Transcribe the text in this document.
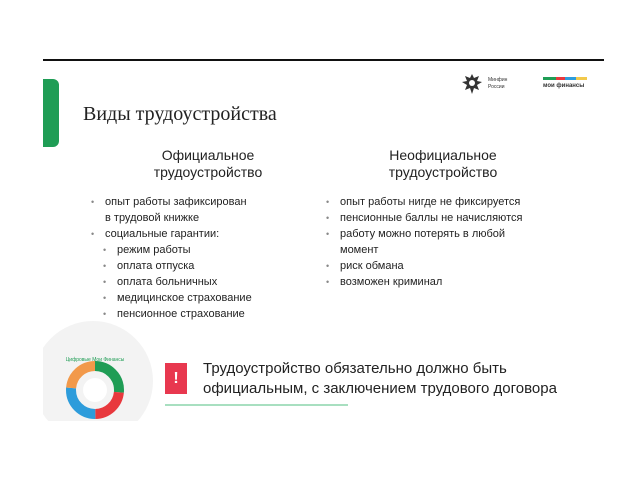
Минфин
России	мои финансы
Виды трудоустройства
Официальное
трудоустройство
Неофициальное
трудоустройство
• опыт работы зафиксирован
в трудовой книжке
• социальные гарантии:
• режим работы
• оплата отпуска
• оплата больничных
• медицинское страхование
• пенсионное страхование
• опыт работы нигде не фиксируется
• пенсионные баллы не начисляются
• работу можно потерять в любой
момент
• риск обмана
• возможен криминал
Цифровые Мои Финансы
!
Трудоустройство обязательно должно быть
официальным, с заключением трудового договора
